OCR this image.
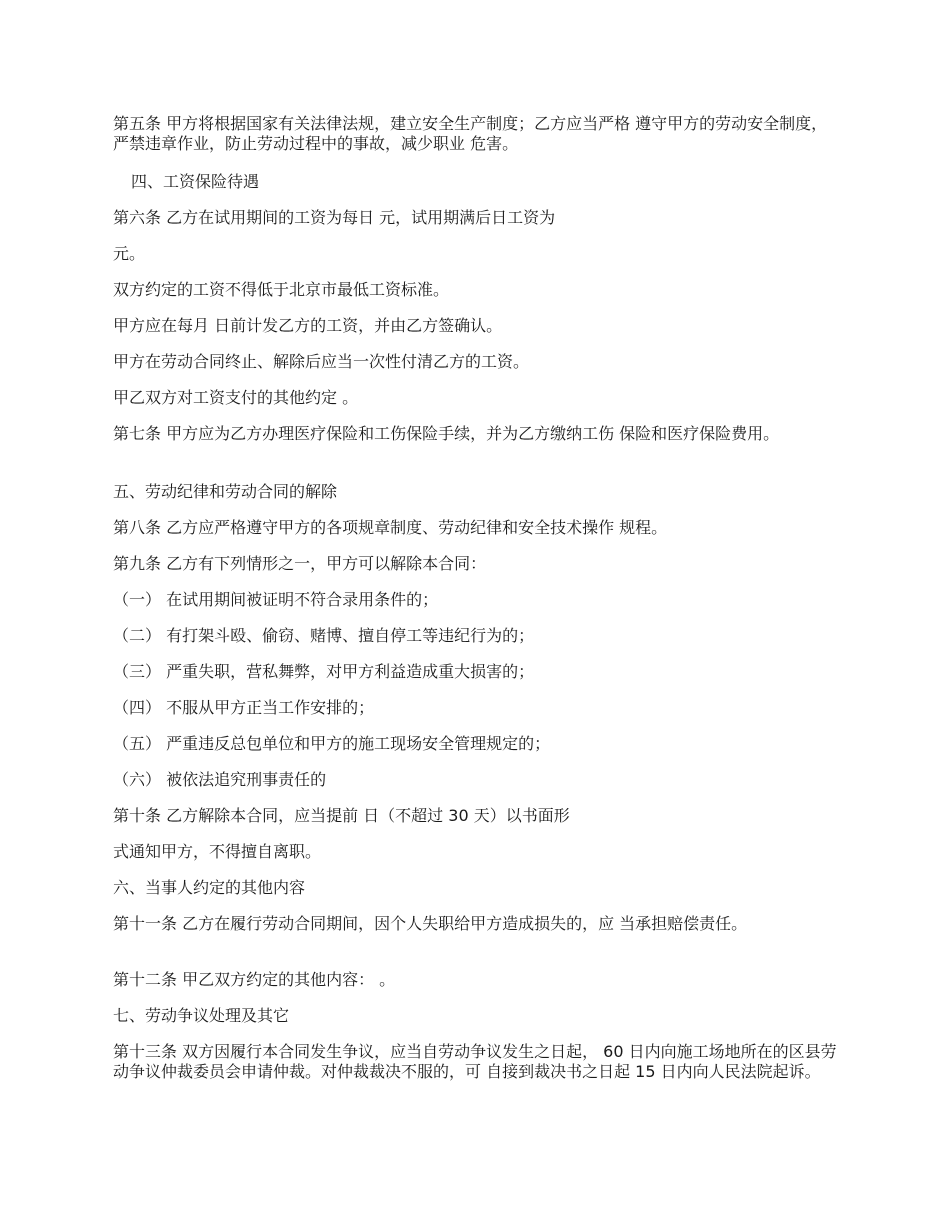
第五条 甲方将根据国家有关法律法规，建立安全生产制度；乙方应当严格 遵守甲方的劳动安全制度，严禁违章作业，防止劳动过程中的事故，减少职业 危害。
四、工资保险待遇
第六条 乙方在试用期间的工资为每日 元，试用期满后日工资为
元。
双方约定的工资不得低于北京市最低工资标准。
甲方应在每月 日前计发乙方的工资，并由乙方签确认。
甲方在劳动合同终止、解除后应当一次性付清乙方的工资。
甲乙双方对工资支付的其他约定 。
第七条 甲方应为乙方办理医疗保险和工伤保险手续，并为乙方缴纳工伤 保险和医疗保险费用。
五、劳动纪律和劳动合同的解除
第八条 乙方应严格遵守甲方的各项规章制度、劳动纪律和安全技术操作 规程。
第九条 乙方有下列情形之一，甲方可以解除本合同：
（一） 在试用期间被证明不符合录用条件的；
（二） 有打架斗殴、偷窃、赌博、擅自停工等违纪行为的；
（三） 严重失职，营私舞弊，对甲方利益造成重大损害的；
（四） 不服从甲方正当工作安排的；
（五） 严重违反总包单位和甲方的施工现场安全管理规定的；
（六） 被依法追究刑事责任的
第十条 乙方解除本合同，应当提前 日（不超过 30 天）以书面形
式通知甲方，不得擅自离职。
六、当事人约定的其他内容
第十一条 乙方在履行劳动合同期间，因个人失职给甲方造成损失的，应 当承担赔偿责任。
第十二条 甲乙双方约定的其他内容： 。
七、劳动争议处理及其它
第十三条 双方因履行本合同发生争议，应当自劳动争议发生之日起， 60 日内向施工场地所在的区县劳动争议仲裁委员会申请仲裁。对仲裁裁决不服的，可 自接到裁决书之日起 15 日内向人民法院起诉。
